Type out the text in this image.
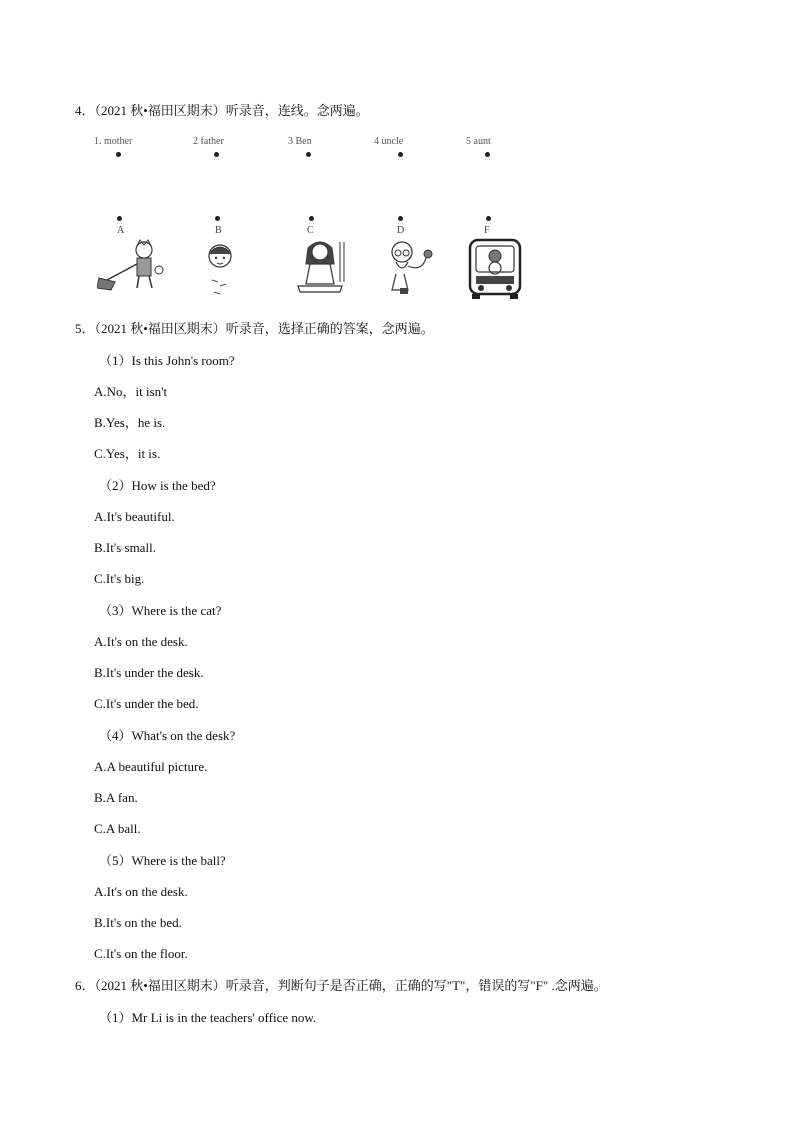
4．（2021 秋•福田区期末）听录音，连线。念两遍。
1. mother	2 father	3 Ben	4 uncle	5 aunt
A	B	C	D	F
5．（2021 秋•福田区期末）听录音，选择正确的答案，念两遍。
（1）Is this John's room?
A.No，it isn't
B.Yes，he is.
C.Yes，it is.
（2）How is the bed?
A.It's beautiful.
B.It's small.
C.It's big.
（3）Where is the cat?
A.It's on the desk.
B.It's under the desk.
C.It's under the bed.
（4）What's on the desk?
A.A beautiful picture.
B.A fan.
C.A ball.
（5）Where is the ball?
A.It's on the desk.
B.It's on the bed.
C.It's on the floor.
6．（2021 秋•福田区期末）听录音，判断句子是否正确，正确的写"T"，错误的写"F" .念两遍。
（1）Mr Li is in the teachers' office now.
